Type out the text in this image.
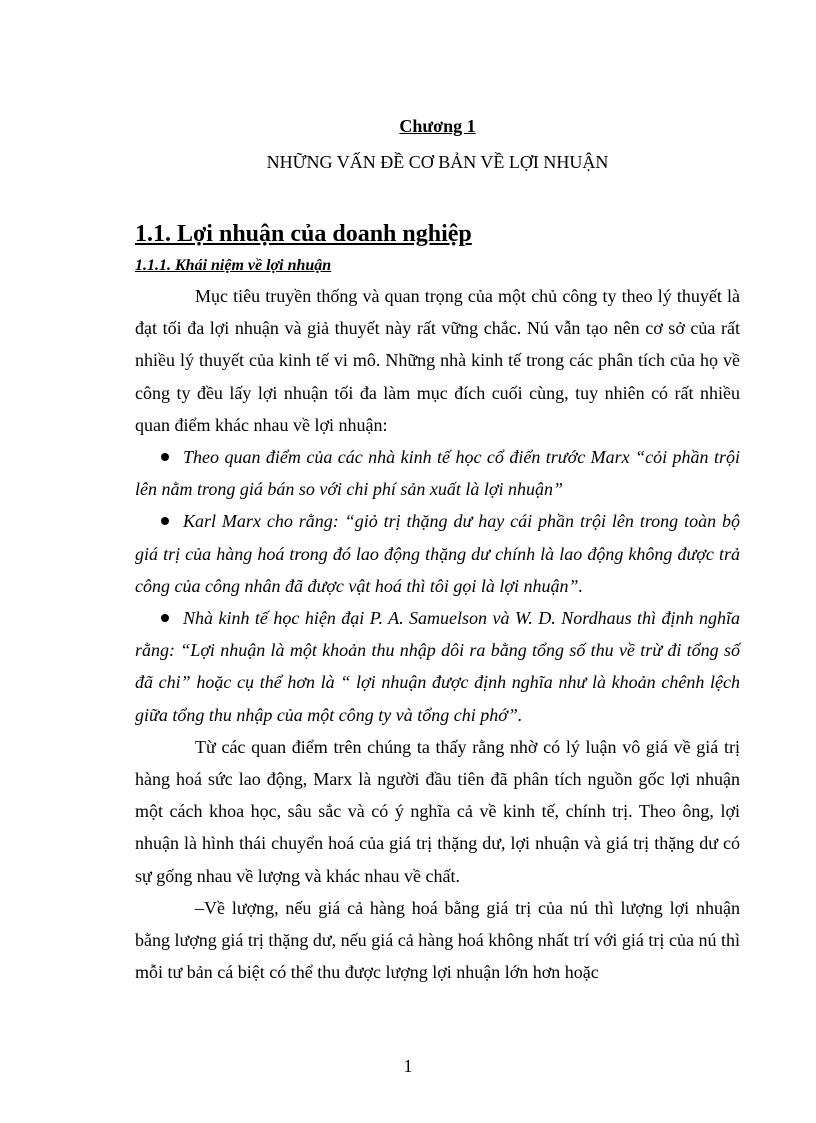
Chương 1
NHỮNG VẤN ĐỀ CƠ BẢN VỀ LỢI NHUẬN
1.1. Lợi nhuận của doanh nghiệp
1.1.1. Khái niệm về lợi nhuận

Mục tiêu truyền thống và quan trọng của một chủ công ty theo lý thuyết là đạt tối đa lợi nhuận và giả thuyết này rất vững chắc. Nú vẫn tạo nên cơ sở của rất nhiều lý thuyết của kinh tế vi mô. Những nhà kinh tế trong các phân tích của họ về công ty đều lấy lợi nhuận tối đa làm mục đích cuối cùng, tuy nhiên có rất nhiều quan điểm khác nhau về lợi nhuận:

Theo quan điểm của các nhà kinh tế học cổ điển trước Marx “cỏi phần trội lên nằm trong giá bán so với chi phí sản xuất là lợi nhuận”
Karl Marx cho rằng: “giỏ trị thặng dư hay cái phần trội lên trong toàn bộ giá trị của hàng hoá trong đó lao động thặng dư chính là lao động không được trả công của công nhân đã được vật hoá thì tôi gọi là lợi nhuận”.
Nhà kinh tế học hiện đại P. A. Samuelson và W. D. Nordhaus thì định nghĩa rằng: “Lợi nhuận là một khoản thu nhập dôi ra bằng tổng số thu về trừ đi tổng số đã chi” hoặc cụ thể hơn là “ lợi nhuận được định nghĩa như là khoản chênh lệch giữa tổng thu nhập của một công ty và tổng chi phớ”.

Từ các quan điểm trên chúng ta thấy rằng nhờ có lý luận vô giá về giá trị hàng hoá sức lao động, Marx là người đầu tiên đã phân tích nguồn gốc lợi nhuận một cách khoa học, sâu sắc và có ý nghĩa cả về kinh tế, chính trị. Theo ông, lợi nhuận là hình thái chuyển hoá của giá trị thặng dư, lợi nhuận và giá trị thặng dư có sự gống nhau về lượng và khác nhau về chất.

–Về lượng, nếu giá cả hàng hoá bằng giá trị của nú thì lượng lợi nhuận bằng lượng giá trị thặng dư, nếu giá cả hàng hoá không nhất trí với giá trị của nú thì mỗi tư bản cá biệt có thể thu được lượng lợi nhuận lớn hơn hoặc

1
